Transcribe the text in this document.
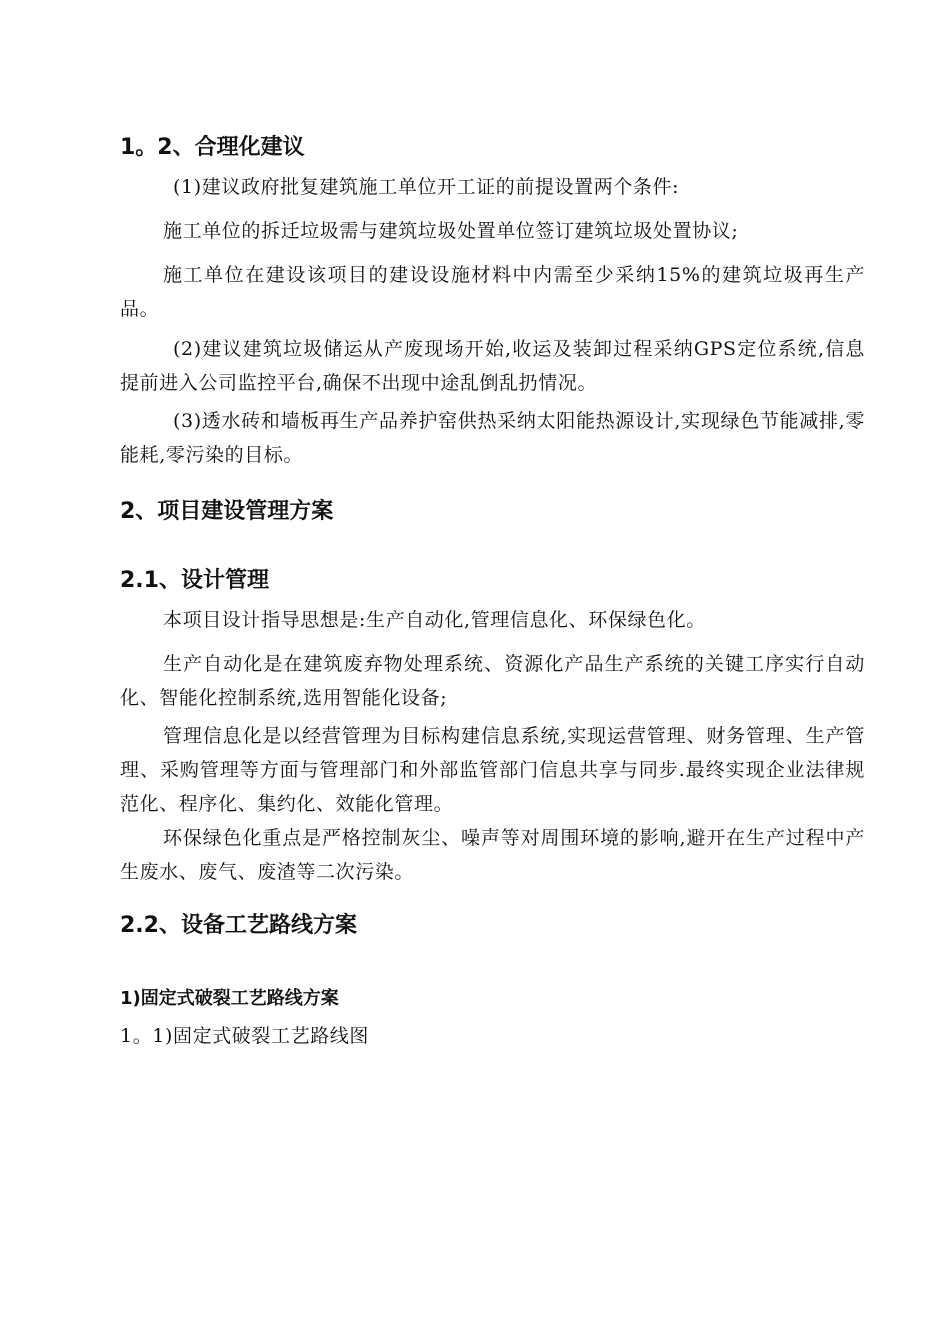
1。2、合理化建议
(1)建议政府批复建筑施工单位开工证的前提设置两个条件:
施工单位的拆迁垃圾需与建筑垃圾处置单位签订建筑垃圾处置协议;
施工单位在建设该项目的建设设施材料中内需至少采纳15%的建筑垃圾再生产品。
(2)建议建筑垃圾储运从产废现场开始,收运及装卸过程采纳GPS定位系统,信息提前进入公司监控平台,确保不出现中途乱倒乱扔情况。
(3)透水砖和墙板再生产品养护窑供热采纳太阳能热源设计,实现绿色节能减排,零能耗,零污染的目标。
2、项目建设管理方案
2.1、设计管理
本项目设计指导思想是:生产自动化,管理信息化、环保绿色化。
生产自动化是在建筑废弃物处理系统、资源化产品生产系统的关键工序实行自动化、智能化控制系统,选用智能化设备;
管理信息化是以经营管理为目标构建信息系统,实现运营管理、财务管理、生产管理、采购管理等方面与管理部门和外部监管部门信息共享与同步.最终实现企业法律规范化、程序化、集约化、效能化管理。
环保绿色化重点是严格控制灰尘、噪声等对周围环境的影响,避开在生产过程中产生废水、废气、废渣等二次污染。
2.2、设备工艺路线方案
1)固定式破裂工艺路线方案
1。1)固定式破裂工艺路线图
